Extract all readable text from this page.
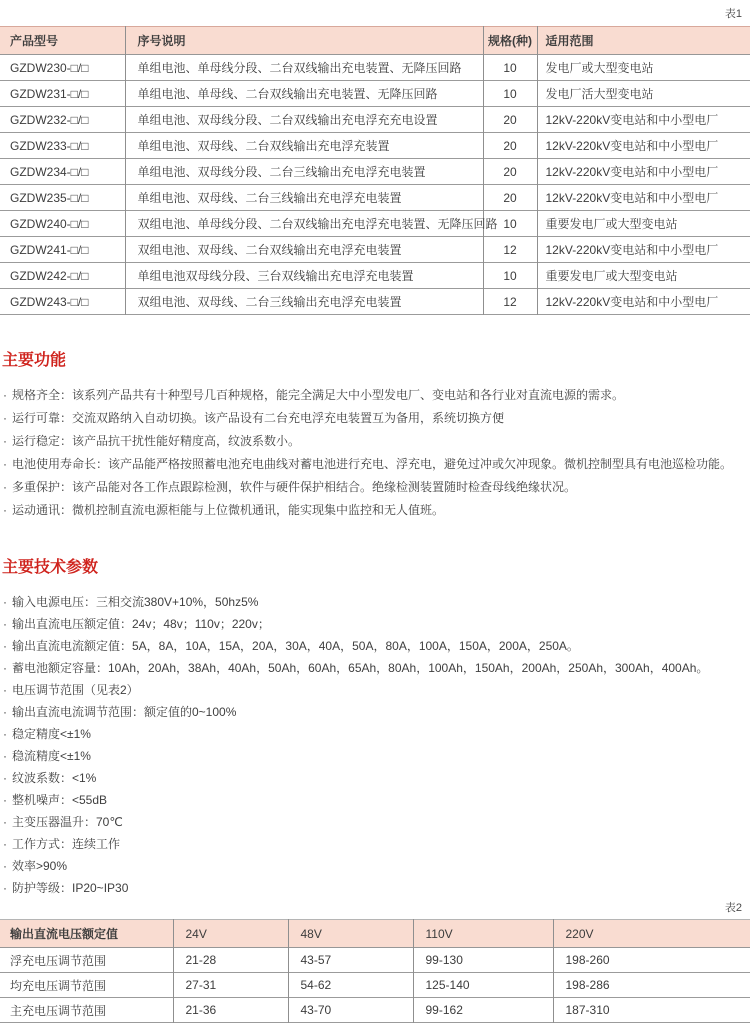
表1
产品型号	序号说明	规格(种)	适用范围
GZDW230-□/□	单组电池、单母线分段、二台双线输出充电装置、无降压回路	10	发电厂或大型变电站
GZDW231-□/□	单组电池、单母线、二台双线输出充电装置、无降压回路	10	发电厂活大型变电站
GZDW232-□/□	单组电池、双母线分段、二台双线输出充电浮充充电设置	20	12kV-220kV变电站和中小型电厂
GZDW233-□/□	单组电池、双母线、二台双线输出充电浮充装置	20	12kV-220kV变电站和中小型电厂
GZDW234-□/□	单组电池、双母线分段、二台三线输出充电浮充电装置	20	12kV-220kV变电站和中小型电厂
GZDW235-□/□	单组电池、双母线、二台三线输出充电浮充电装置	20	12kV-220kV变电站和中小型电厂
GZDW240-□/□	双组电池、单母线分段、二台双线输出充电浮充电装置、无降压回路	10	重要发电厂或大型变电站
GZDW241-□/□	双组电池、双母线、二台双线输出充电浮充电装置	12	12kV-220kV变电站和中小型电厂
GZDW242-□/□	单组电池双母线分段、三台双线输出充电浮充电装置	10	重要发电厂或大型变电站
GZDW243-□/□	双组电池、双母线、二台三线输出充电浮充电装置	12	12kV-220kV变电站和中小型电厂
主要功能
· 规格齐全：该系列产品共有十种型号几百种规格，能完全满足大中小型发电厂、变电站和各行业对直流电源的需求。
· 运行可靠：交流双路纳入自动切换。该产品设有二台充电浮充电装置互为备用，系统切换方便
· 运行稳定：该产品抗干扰性能好精度高，纹波系数小。
· 电池使用寿命长：该产品能严格按照蓄电池充电曲线对蓄电池进行充电、浮充电，避免过冲或欠冲现象。微机控制型具有电池巡检功能。
· 多重保护：该产品能对各工作点跟踪检测，软件与硬件保护相结合。绝缘检测装置随时检查母线绝缘状况。
· 运动通讯：微机控制直流电源柜能与上位微机通讯，能实现集中监控和无人值班。
主要技术参数
· 输入电源电压：三相交流380V+10%，50hz5%
· 输出直流电压额定值：24v；48v；110v；220v；
· 输出直流电流额定值：5A，8A，10A，15A，20A，30A，40A，50A，80A，100A，150A，200A，250A。
· 蓄电池额定容量：10Ah，20Ah，38Ah，40Ah，50Ah，60Ah，65Ah，80Ah，100Ah，150Ah，200Ah，250Ah，300Ah，400Ah。
· 电压调节范围（见表2）
· 输出直流电流调节范围：额定值的0~100%
· 稳定精度<±1%
· 稳流精度<±1%
· 纹波系数：<1%
· 整机噪声：<55dB
· 主变压器温升：70℃
· 工作方式：连续工作
· 效率>90%
· 防护等级：IP20~IP30
表2
输出直流电压额定值	24V	48V	110V	220V
浮充电压调节范围	21-28	43-57	99-130	198-260
均充电压调节范围	27-31	54-62	125-140	198-286
主充电压调节范围	21-36	43-70	99-162	187-310
